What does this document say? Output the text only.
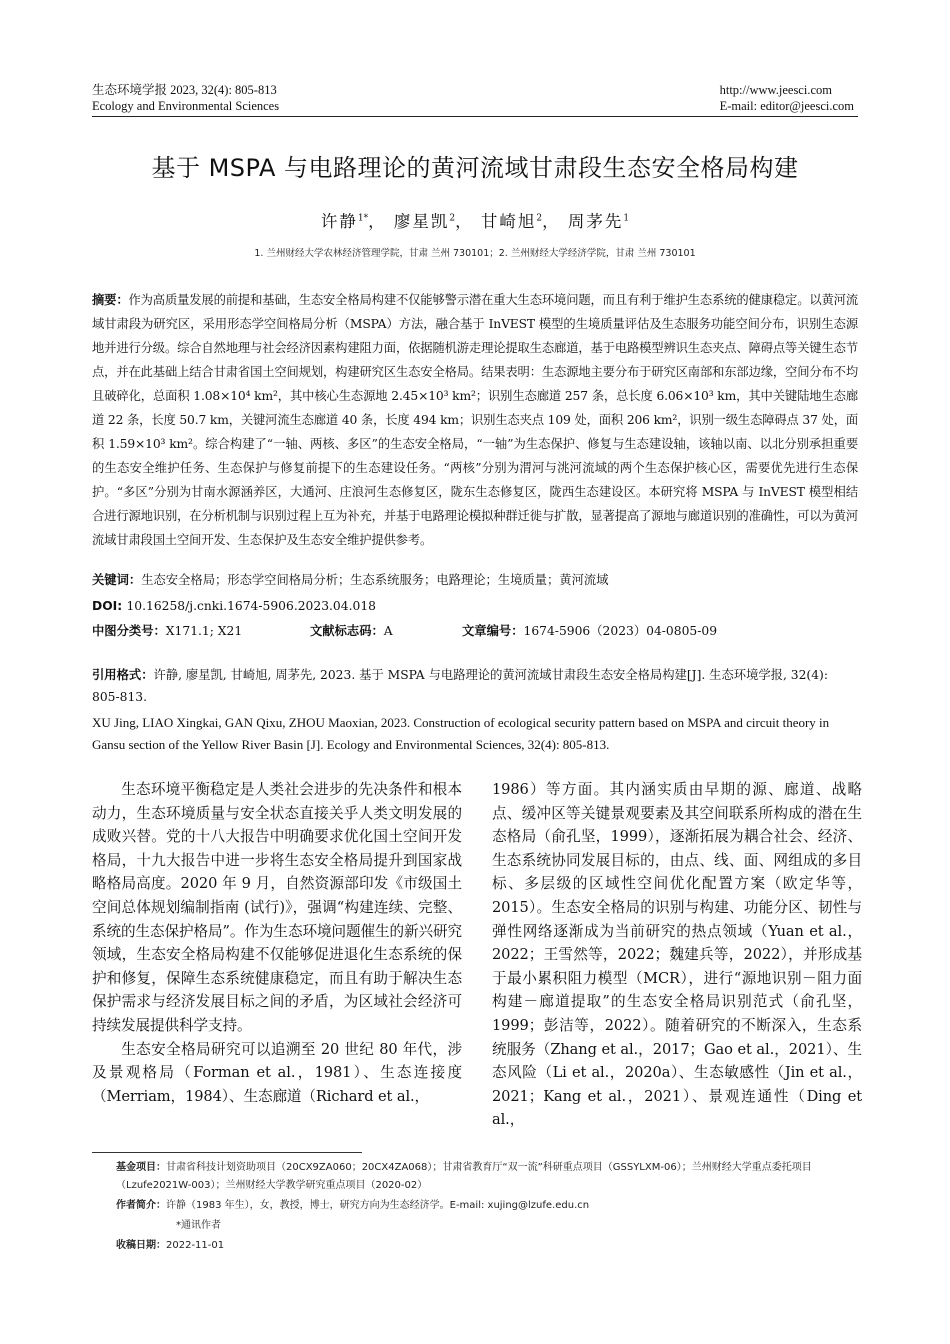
生态环境学报 2023, 32(4): 805-813
Ecology and Environmental Sciences
http://www.jeesci.com
E-mail: editor@jeesci.com
基于 MSPA 与电路理论的黄河流域甘肃段生态安全格局构建
许静$^{1*}$， 廖星凯$^2$， 甘崎旭$^2$， 周茅先$^1$
1. 兰州财经大学农林经济管理学院，甘肃 兰州 730101；2. 兰州财经大学经济学院，甘肃 兰州 730101
摘要：作为高质量发展的前提和基础，生态安全格局构建不仅能够警示潜在重大生态环境问题，而且有利于维护生态系统的健康稳定。以黄河流域甘肃段为研究区，采用形态学空间格局分析（MSPA）方法，融合基于 InVEST 模型的生境质量评估及生态服务功能空间分布，识别生态源地并进行分级。综合自然地理与社会经济因素构建阻力面，依据随机游走理论提取生态廊道，基于电路模型辨识生态夹点、障碍点等关键生态节点，并在此基础上结合甘肃省国土空间规划，构建研究区生态安全格局。结果表明：生态源地主要分布于研究区南部和东部边缘，空间分布不均且破碎化，总面积 1.08×10⁴ km²，其中核心生态源地 2.45×10³ km²；识别生态廊道 257 条，总长度 6.06×10³ km，其中关键陆地生态廊道 22 条，长度 50.7 km，关键河流生态廊道 40 条，长度 494 km；识别生态夹点 109 处，面积 206 km²，识别一级生态障碍点 37 处，面积 1.59×10³ km²。综合构建了“一轴、两核、多区”的生态安全格局，“一轴”为生态保护、修复与生态建设轴，该轴以南、以北分别承担重要的生态安全维护任务、生态保护与修复前提下的生态建设任务。“两核”分别为渭河与洮河流域的两个生态保护核心区，需要优先进行生态保护。“多区”分别为甘南水源涵养区，大通河、庄浪河生态修复区，陇东生态修复区，陇西生态建设区。本研究将 MSPA 与 InVEST 模型相结合进行源地识别，在分析机制与识别过程上互为补充，并基于电路理论模拟种群迁徙与扩散，显著提高了源地与廊道识别的准确性，可以为黄河流域甘肃段国土空间开发、生态保护及生态安全维护提供参考。
关键词：生态安全格局；形态学空间格局分析；生态系统服务；电路理论；生境质量；黄河流域
DOI: 10.16258/j.cnki.1674-5906.2023.04.018
中图分类号：X171.1; X21	文献标志码：A	文章编号：1674-5906（2023）04-0805-09
引用格式：许静, 廖星凯, 甘崎旭, 周茅先, 2023. 基于 MSPA 与电路理论的黄河流域甘肃段生态安全格局构建[J]. 生态环境学报, 32(4): 805-813.
XU Jing, LIAO Xingkai, GAN Qixu, ZHOU Maoxian, 2023. Construction of ecological security pattern based on MSPA and circuit theory in Gansu section of the Yellow River Basin [J]. Ecology and Environmental Sciences, 32(4): 805-813.

生态环境平衡稳定是人类社会进步的先决条件和根本动力，生态环境质量与安全状态直接关乎人类文明发展的成败兴替。党的十八大报告中明确要求优化国土空间开发格局，十九大报告中进一步将生态安全格局提升到国家战略格局高度。2020 年 9 月，自然资源部印发《市级国土空间总体规划编制指南 (试行)》，强调“构建连续、完整、系统的生态保护格局”。作为生态环境问题催生的新兴研究领域，生态安全格局构建不仅能够促进退化生态系统的保护和修复，保障生态系统健康稳定，而且有助于解决生态保护需求与经济发展目标之间的矛盾，为区域社会经济可持续发展提供科学支持。

生态安全格局研究可以追溯至 20 世纪 80 年代，涉及景观格局（Forman et al.，1981）、生态连接度（Merriam，1984）、生态廊道（Richard et al.，

1986）等方面。其内涵实质由早期的源、廊道、战略点、缓冲区等关键景观要素及其空间联系所构成的潜在生态格局（俞孔坚，1999），逐渐拓展为耦合社会、经济、生态系统协同发展目标的，由点、线、面、网组成的多目标、多层级的区域性空间优化配置方案（欧定华等，2015）。生态安全格局的识别与构建、功能分区、韧性与弹性网络逐渐成为当前研究的热点领域（Yuan et al.，2022；王雪然等，2022；魏建兵等，2022），并形成基于最小累积阻力模型（MCR），进行“源地识别－阻力面构建－廊道提取”的生态安全格局识别范式（俞孔坚，1999；彭洁等，2022）。随着研究的不断深入，生态系统服务（Zhang et al.，2017；Gao et al.，2021）、生态风险（Li et al.，2020a）、生态敏感性（Jin et al.，2021；Kang et al.，2021）、景观连通性（Ding et al.，

基金项目：甘肃省科技计划资助项目（20CX9ZA060；20CX4ZA068）；甘肃省教育厅“双一流”科研重点项目（GSSYLXM-06）；兰州财经大学重点委托项目（Lzufe2021W-003）；兰州财经大学教学研究重点项目（2020-02）
作者简介：许静（1983 年生），女，教授，博士，研究方向为生态经济学。E-mail: xujing@lzufe.edu.cn
*通讯作者
收稿日期：2022-11-01
